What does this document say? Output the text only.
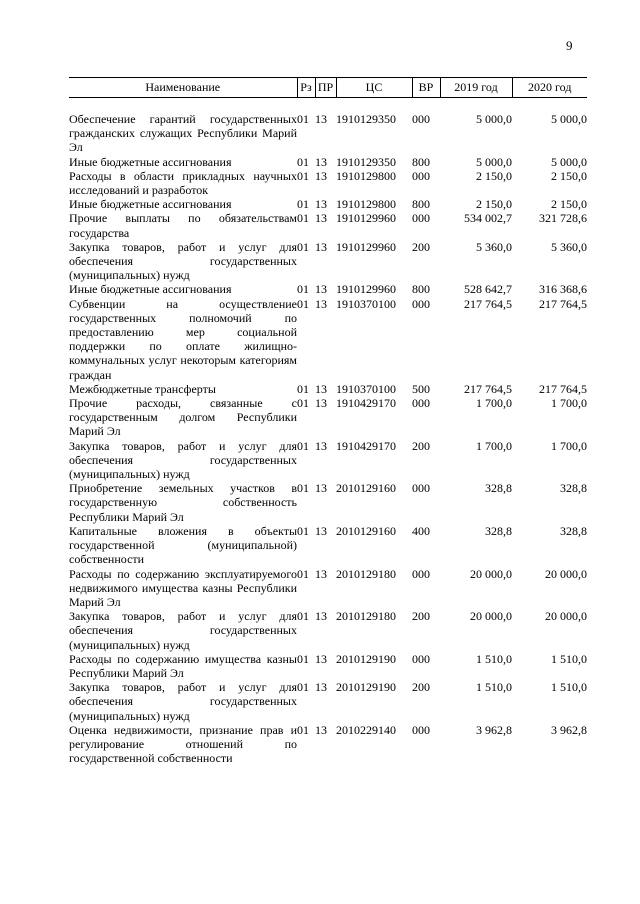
9
Наименование	Рз	ПР	ЦС	ВР	2019 год	2020 год

Обеспечение гарантий государственных гражданских служащих Республики Марий Эл	01	13	1910129350	000	5 000,0	5 000,0
Иные бюджетные ассигнования	01	13	1910129350	800	5 000,0	5 000,0
Расходы в области прикладных научных исследований и разработок	01	13	1910129800	000	2 150,0	2 150,0
Иные бюджетные ассигнования	01	13	1910129800	800	2 150,0	2 150,0
Прочие выплаты по обязательствам государства	01	13	1910129960	000	534 002,7	321 728,6
Закупка товаров, работ и услуг для обеспечения государственных (муниципальных) нужд	01	13	1910129960	200	5 360,0	5 360,0
Иные бюджетные ассигнования	01	13	1910129960	800	528 642,7	316 368,6
Субвенции на осуществление государственных полномочий по предоставлению мер социальной поддержки по оплате жилищно-коммунальных услуг некоторым категориям граждан	01	13	1910370100	000	217 764,5	217 764,5
Межбюджетные трансферты	01	13	1910370100	500	217 764,5	217 764,5
Прочие расходы, связанные с государственным долгом Республики Марий Эл	01	13	1910429170	000	1 700,0	1 700,0
Закупка товаров, работ и услуг для обеспечения государственных (муниципальных) нужд	01	13	1910429170	200	1 700,0	1 700,0
Приобретение земельных участков в государственную собственность Республики Марий Эл	01	13	2010129160	000	328,8	328,8
Капитальные вложения в объекты государственной (муниципальной) собственности	01	13	2010129160	400	328,8	328,8
Расходы по содержанию эксплуатируемого недвижимого имущества казны Республики Марий Эл	01	13	2010129180	000	20 000,0	20 000,0
Закупка товаров, работ и услуг для обеспечения государственных (муниципальных) нужд	01	13	2010129180	200	20 000,0	20 000,0
Расходы по содержанию имущества казны Республики Марий Эл	01	13	2010129190	000	1 510,0	1 510,0
Закупка товаров, работ и услуг для обеспечения государственных (муниципальных) нужд	01	13	2010129190	200	1 510,0	1 510,0
Оценка недвижимости, признание прав и регулирование отношений по государственной собственности	01	13	2010229140	000	3 962,8	3 962,8
